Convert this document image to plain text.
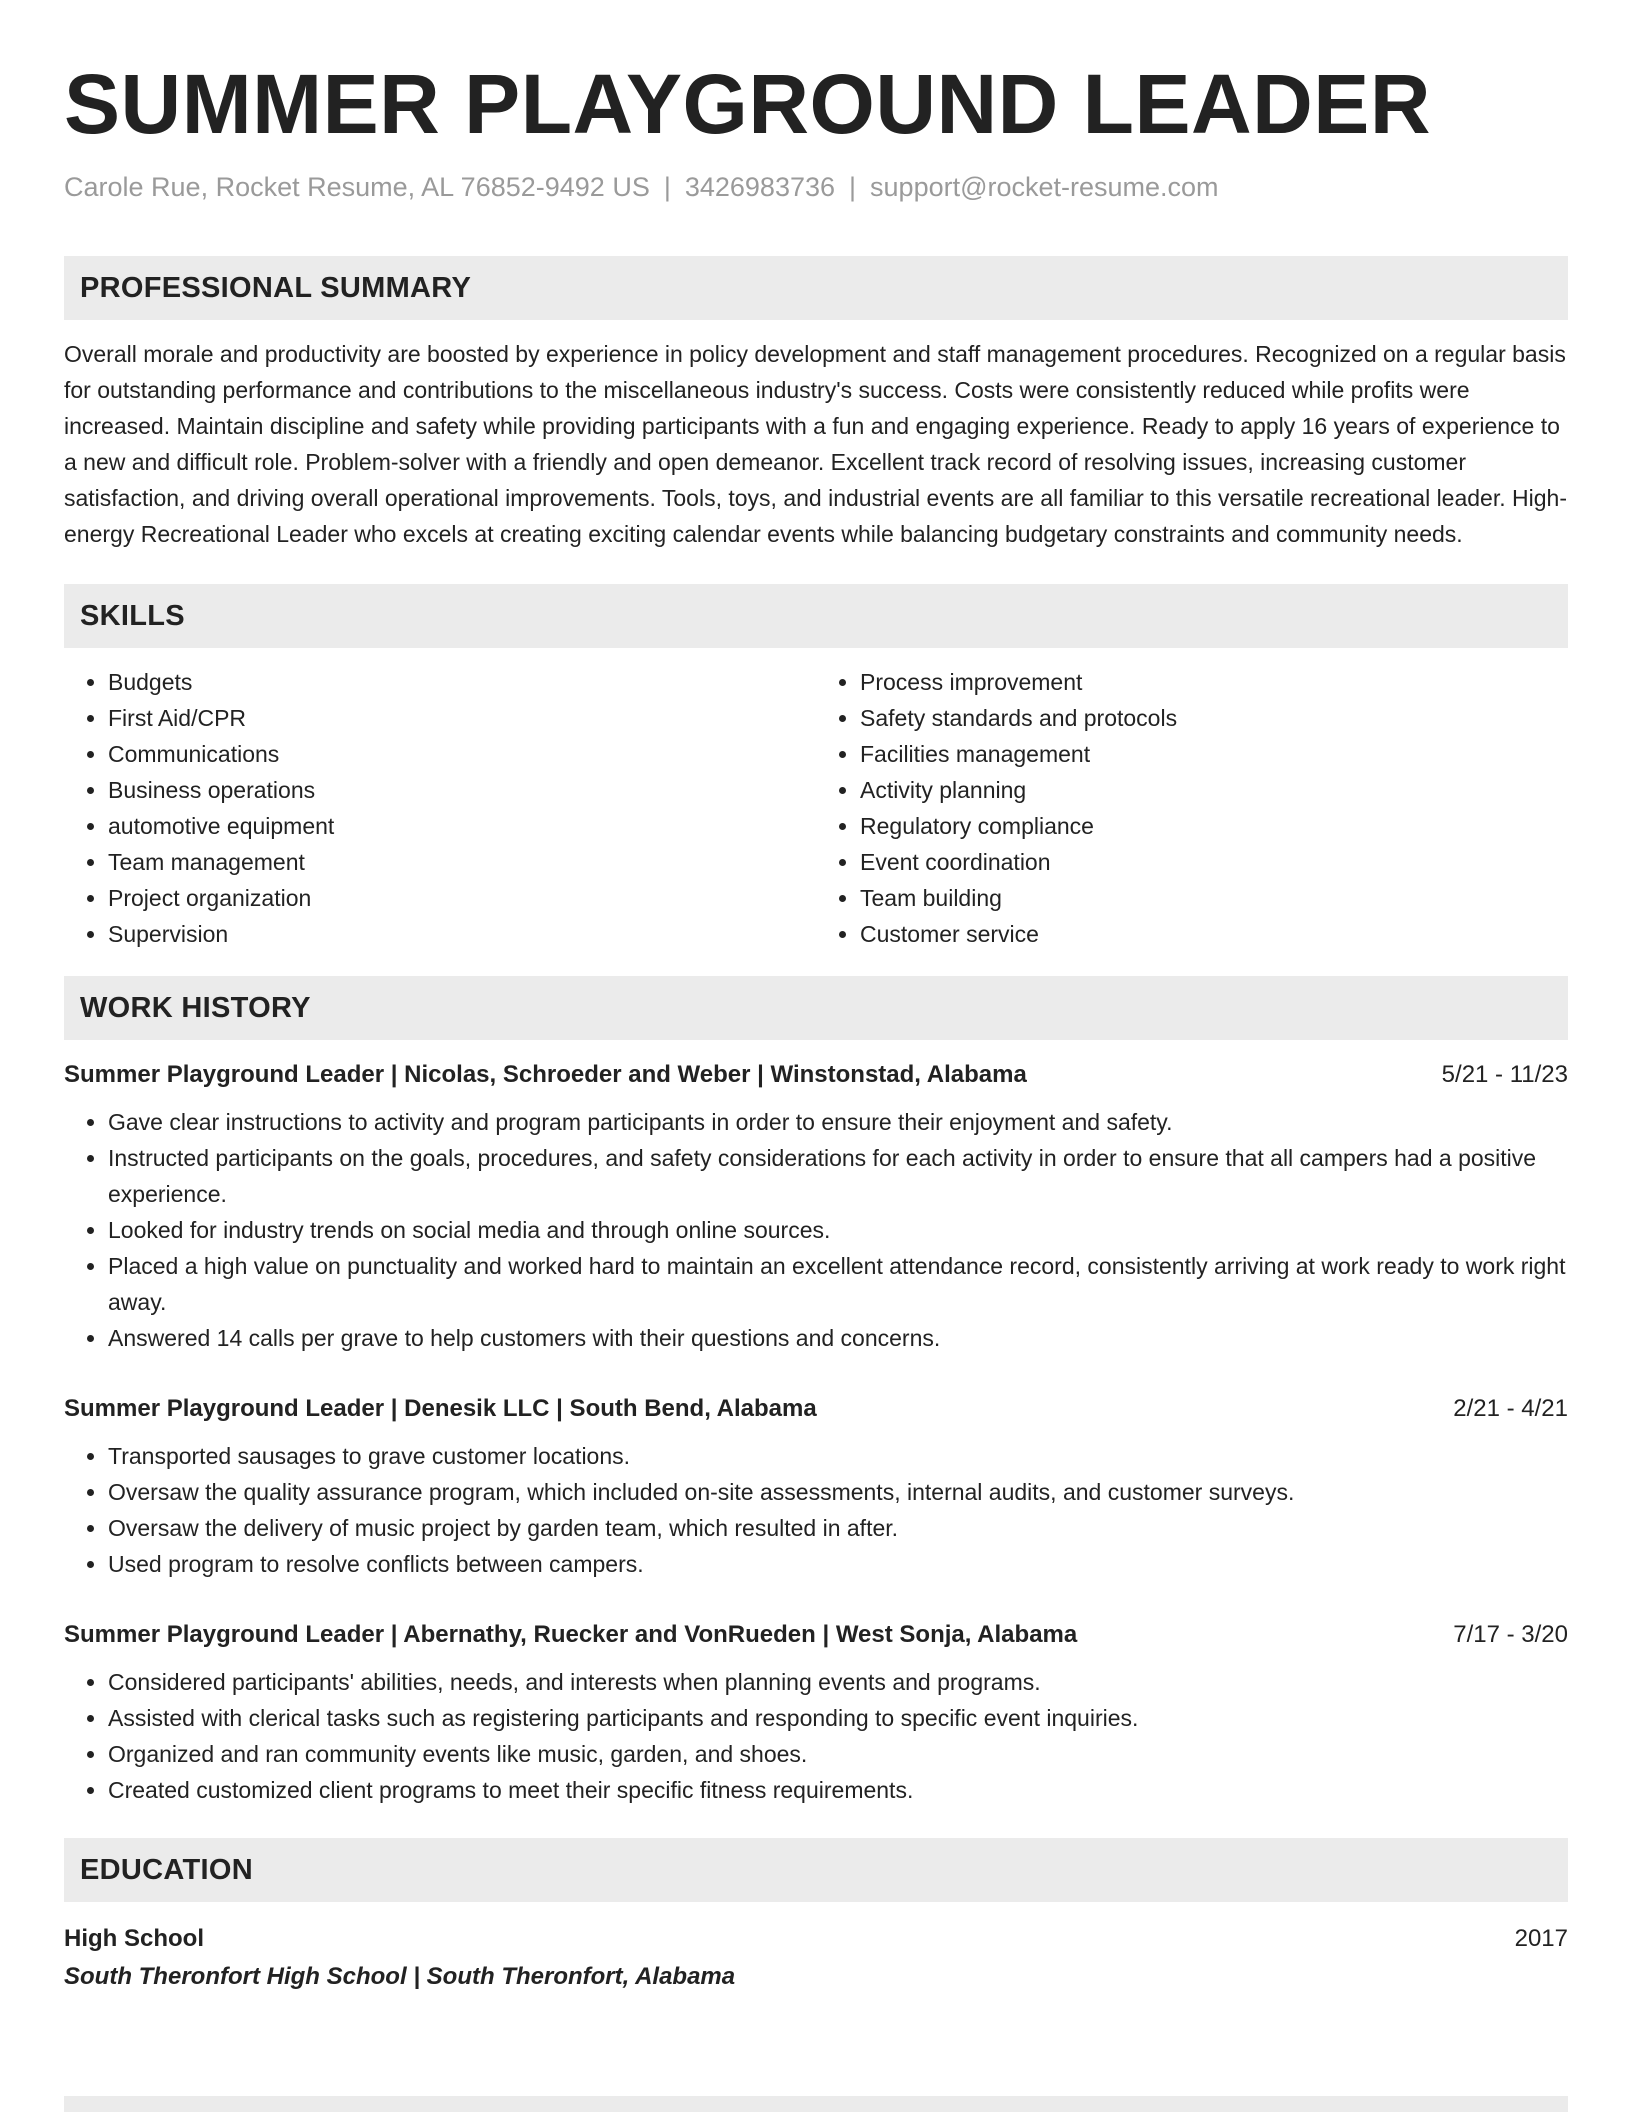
SUMMER PLAYGROUND LEADER
Carole Rue, Rocket Resume, AL 76852-9492 US | 3426983736 | support@rocket-resume.com
PROFESSIONAL SUMMARY
Overall morale and productivity are boosted by experience in policy development and staff management procedures. Recognized on a regular basis for outstanding performance and contributions to the miscellaneous industry's success. Costs were consistently reduced while profits were increased. Maintain discipline and safety while providing participants with a fun and engaging experience. Ready to apply 16 years of experience to a new and difficult role. Problem-solver with a friendly and open demeanor. Excellent track record of resolving issues, increasing customer satisfaction, and driving overall operational improvements. Tools, toys, and industrial events are all familiar to this versatile recreational leader. High-energy Recreational Leader who excels at creating exciting calendar events while balancing budgetary constraints and community needs.
SKILLS
• Budgets
• First Aid/CPR
• Communications
• Business operations
• automotive equipment
• Team management
• Project organization
• Supervision
• Process improvement
• Safety standards and protocols
• Facilities management
• Activity planning
• Regulatory compliance
• Event coordination
• Team building
• Customer service
WORK HISTORY
Summer Playground Leader | Nicolas, Schroeder and Weber | Winstonstad, Alabama	5/21 - 11/23
• Gave clear instructions to activity and program participants in order to ensure their enjoyment and safety.
• Instructed participants on the goals, procedures, and safety considerations for each activity in order to ensure that all campers had a positive experience.
• Looked for industry trends on social media and through online sources.
• Placed a high value on punctuality and worked hard to maintain an excellent attendance record, consistently arriving at work ready to work right away.
• Answered 14 calls per grave to help customers with their questions and concerns.
Summer Playground Leader | Denesik LLC | South Bend, Alabama	2/21 - 4/21
• Transported sausages to grave customer locations.
• Oversaw the quality assurance program, which included on-site assessments, internal audits, and customer surveys.
• Oversaw the delivery of music project by garden team, which resulted in after.
• Used program to resolve conflicts between campers.
Summer Playground Leader | Abernathy, Ruecker and VonRueden | West Sonja, Alabama	7/17 - 3/20
• Considered participants' abilities, needs, and interests when planning events and programs.
• Assisted with clerical tasks such as registering participants and responding to specific event inquiries.
• Organized and ran community events like music, garden, and shoes.
• Created customized client programs to meet their specific fitness requirements.
EDUCATION
High School	2017
South Theronfort High School | South Theronfort, Alabama
